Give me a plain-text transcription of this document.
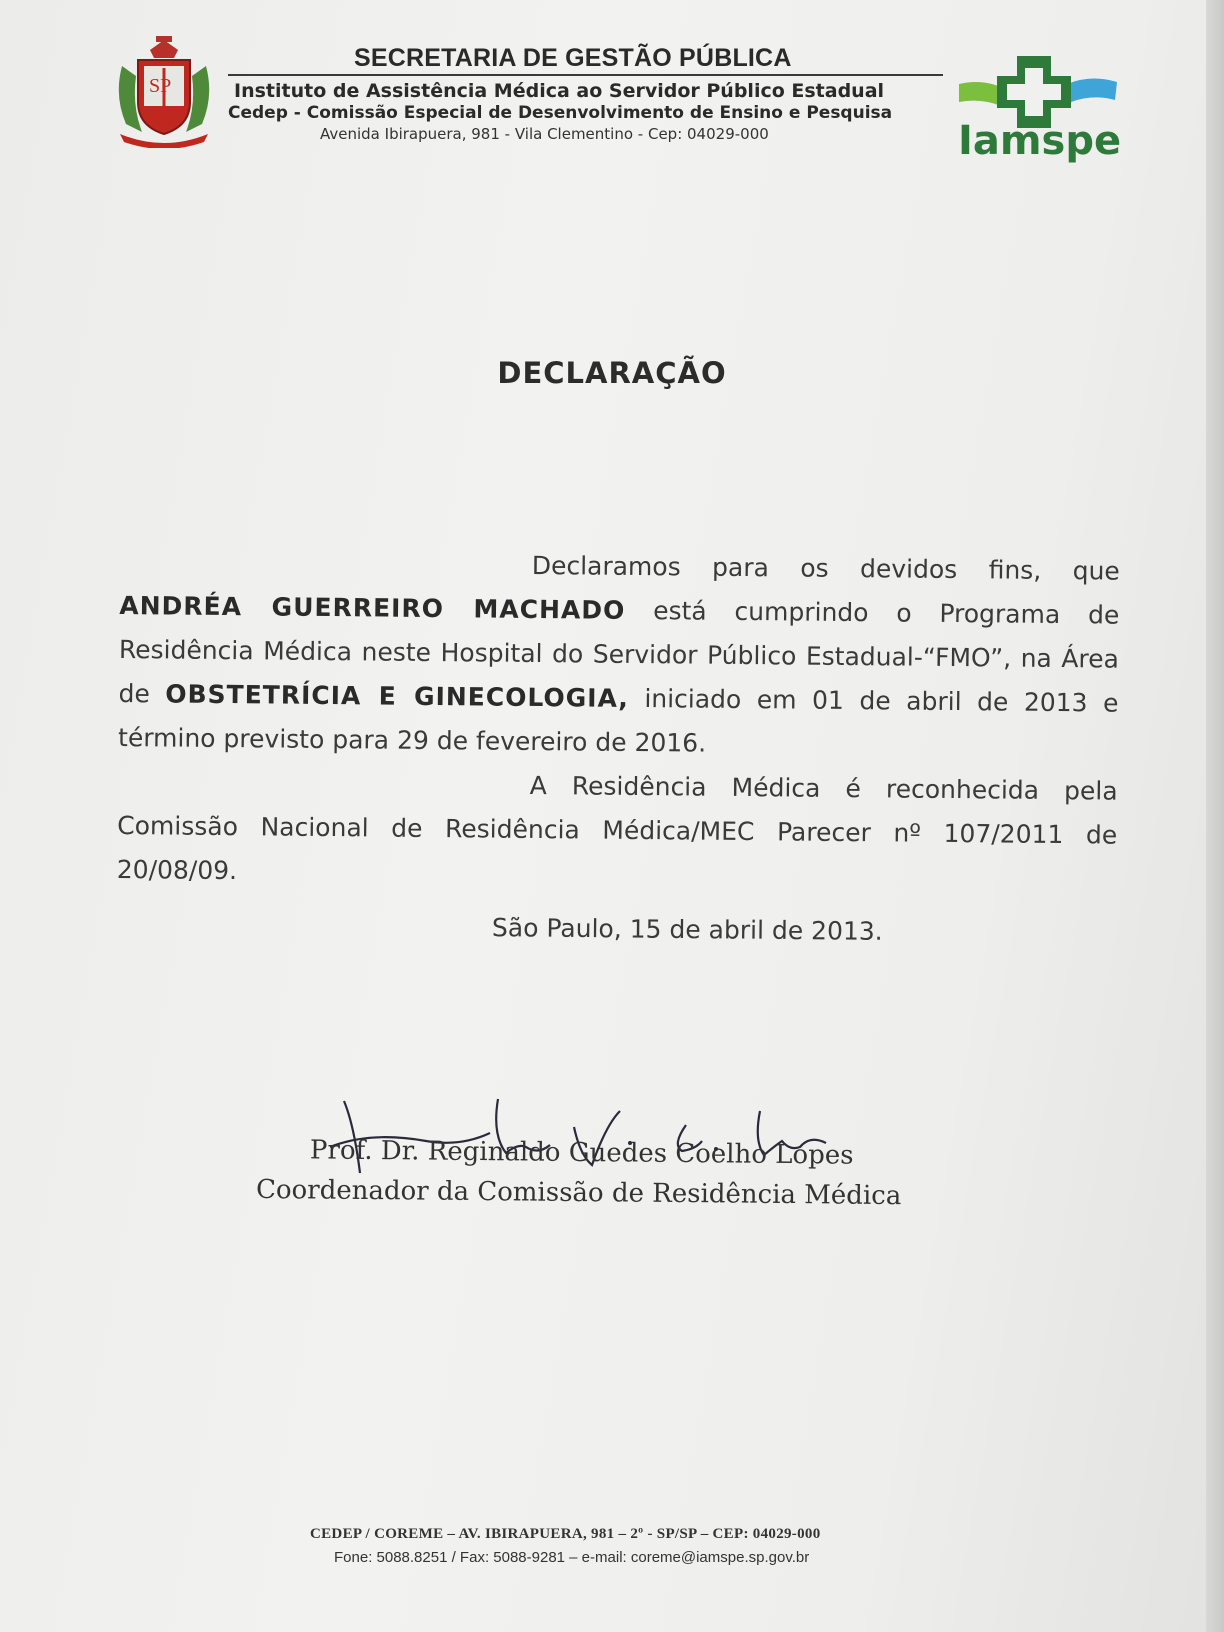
SP
SECRETARIA DE GESTÃO PÚBLICA
Instituto de Assistência Médica ao Servidor Público Estadual
Cedep - Comissão Especial de Desenvolvimento de Ensino e Pesquisa
Avenida Ibirapuera, 981 - Vila Clementino - Cep: 04029-000	Iamspe
DECLARAÇÃO

Declaramos para os devidos fins, que ANDRÉA GUERREIRO MACHADO está cumprindo o Programa de Residência Médica neste Hospital do Servidor Público Estadual-“FMO”, na Área de OBSTETRÍCIA E GINECOLOGIA, iniciado em 01 de abril de 2013 e término previsto para 29 de fevereiro de 2016.

A Residência Médica é reconhecida pela Comissão Nacional de Residência Médica/MEC Parecer nº 107/2011 de 20/08/09.

São Paulo, 15 de abril de 2013.
Prof. Dr. Reginaldo Guedes Coelho Lopes
Coordenador da Comissão de Residência Médica
CEDEP / COREME – AV. IBIRAPUERA, 981 – 2º - SP/SP – CEP: 04029-000
Fone: 5088.8251 / Fax: 5088-9281 – e-mail: coreme@iamspe.sp.gov.br
